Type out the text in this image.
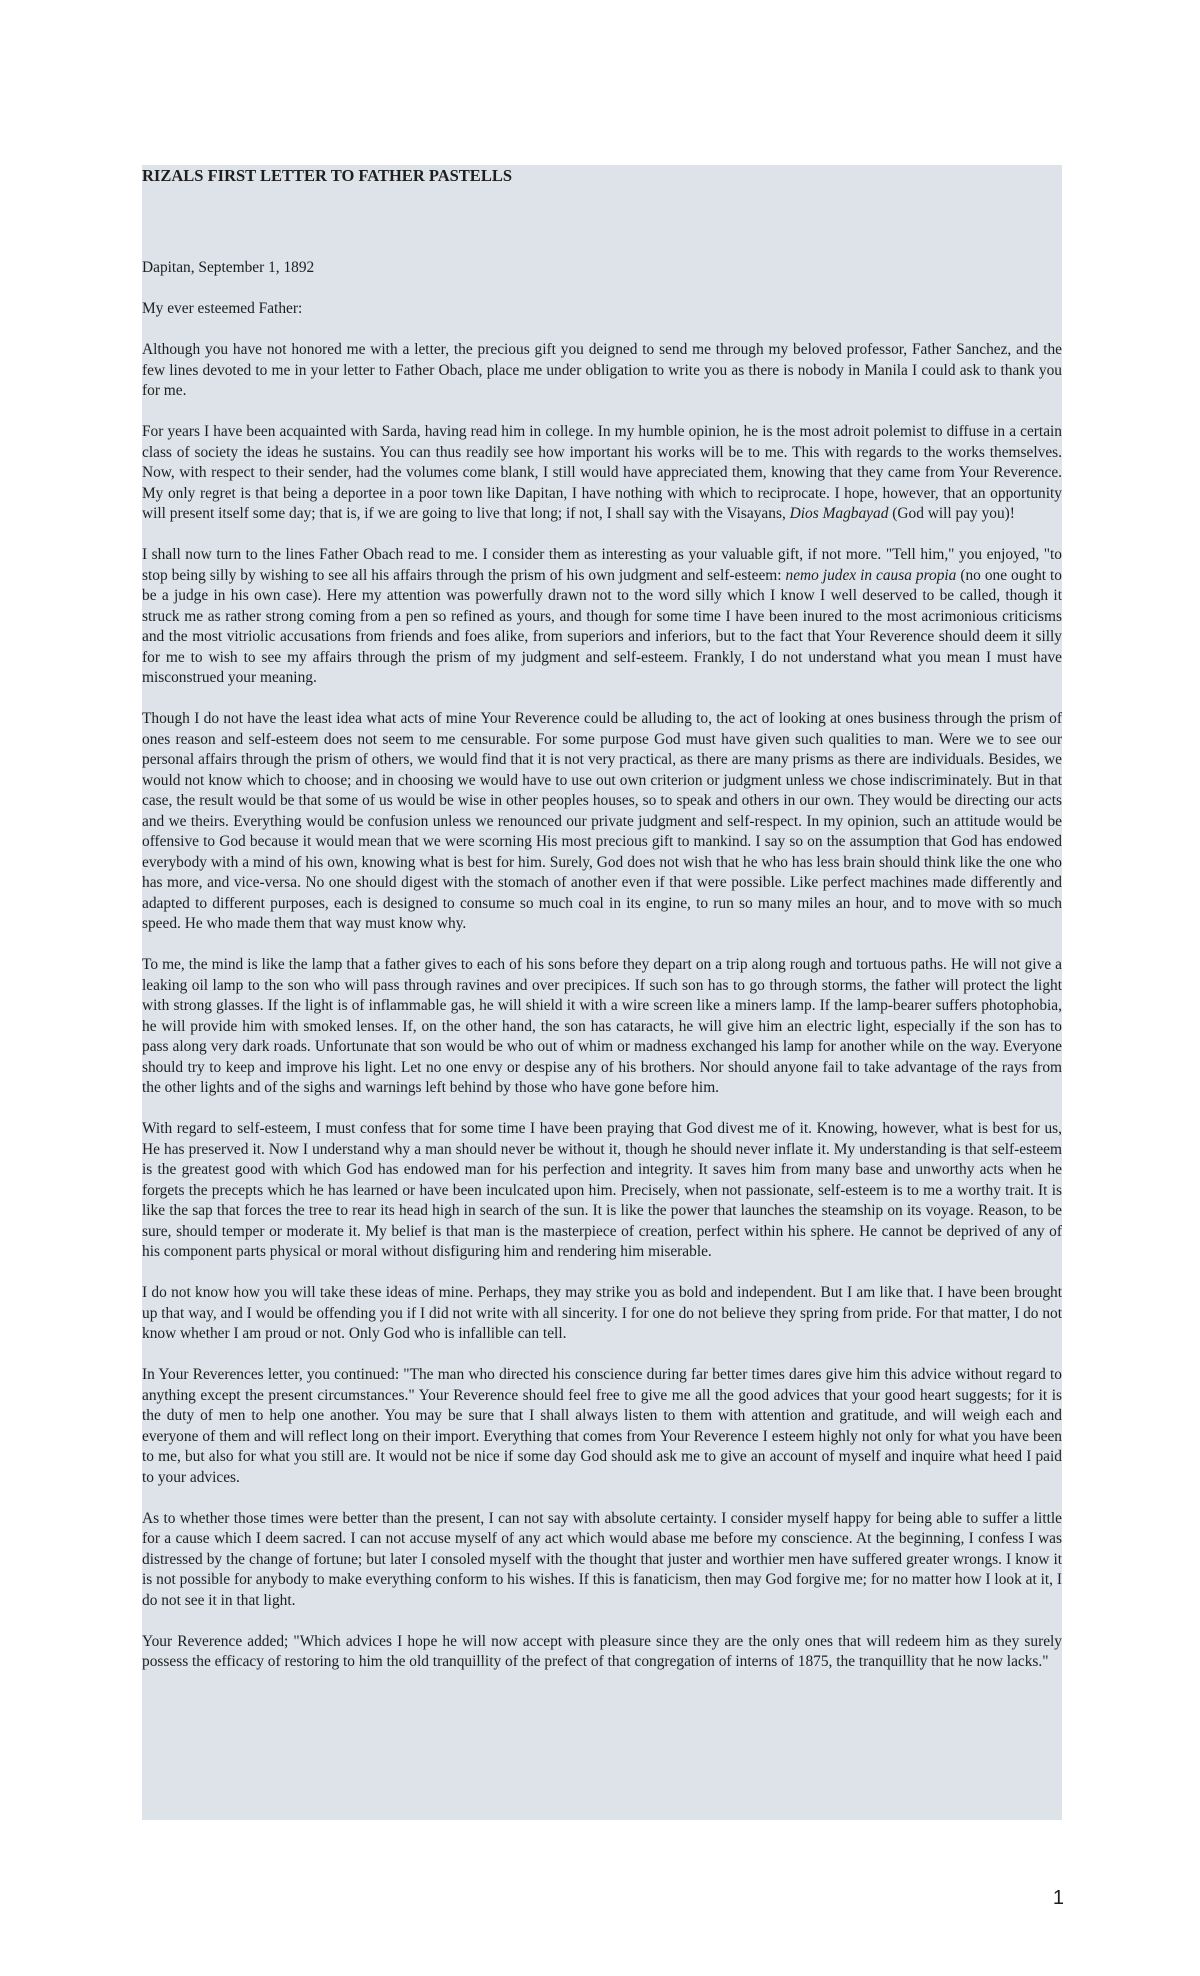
RIZALS FIRST LETTER TO FATHER PASTELLS

Dapitan, September 1, 1892

My ever esteemed Father:

Although you have not honored me with a letter, the precious gift you deigned to send me through my beloved professor, Father Sanchez, and the few lines devoted to me in your letter to Father Obach, place me under obligation to write you as there is nobody in Manila I could ask to thank you for me.

For years I have been acquainted with Sarda, having read him in college. In my humble opinion, he is the most adroit polemist to diffuse in a certain class of society the ideas he sustains. You can thus readily see how important his works will be to me. This with regards to the works themselves. Now, with respect to their sender, had the volumes come blank, I still would have appreciated them, knowing that they came from Your Reverence. My only regret is that being a deportee in a poor town like Dapitan, I have nothing with which to reciprocate. I hope, however, that an opportunity will present itself some day; that is, if we are going to live that long; if not, I shall say with the Visayans, Dios Magbayad (God will pay you)!

I shall now turn to the lines Father Obach read to me. I consider them as interesting as your valuable gift, if not more. "Tell him," you enjoyed, "to stop being silly by wishing to see all his affairs through the prism of his own judgment and self-esteem: nemo judex in causa propia (no one ought to be a judge in his own case). Here my attention was powerfully drawn not to the word silly which I know I well deserved to be called, though it struck me as rather strong coming from a pen so refined as yours, and though for some time I have been inured to the most acrimonious criticisms and the most vitriolic accusations from friends and foes alike, from superiors and inferiors, but to the fact that Your Reverence should deem it silly for me to wish to see my affairs through the prism of my judgment and self-esteem. Frankly, I do not understand what you mean I must have misconstrued your meaning.

Though I do not have the least idea what acts of mine Your Reverence could be alluding to, the act of looking at ones business through the prism of ones reason and self-esteem does not seem to me censurable. For some purpose God must have given such qualities to man. Were we to see our personal affairs through the prism of others, we would find that it is not very practical, as there are many prisms as there are individuals. Besides, we would not know which to choose; and in choosing we would have to use out own criterion or judgment unless we chose indiscriminately. But in that case, the result would be that some of us would be wise in other peoples houses, so to speak and others in our own. They would be directing our acts and we theirs. Everything would be confusion unless we renounced our private judgment and self-respect. In my opinion, such an attitude would be offensive to God because it would mean that we were scorning His most precious gift to mankind. I say so on the assumption that God has endowed everybody with a mind of his own, knowing what is best for him. Surely, God does not wish that he who has less brain should think like the one who has more, and vice-versa. No one should digest with the stomach of another even if that were possible. Like perfect machines made differently and adapted to different purposes, each is designed to consume so much coal in its engine, to run so many miles an hour, and to move with so much speed. He who made them that way must know why.

To me, the mind is like the lamp that a father gives to each of his sons before they depart on a trip along rough and tortuous paths. He will not give a leaking oil lamp to the son who will pass through ravines and over precipices. If such son has to go through storms, the father will protect the light with strong glasses. If the light is of inflammable gas, he will shield it with a wire screen like a miners lamp. If the lamp-bearer suffers photophobia, he will provide him with smoked lenses. If, on the other hand, the son has cataracts, he will give him an electric light, especially if the son has to pass along very dark roads. Unfortunate that son would be who out of whim or madness exchanged his lamp for another while on the way. Everyone should try to keep and improve his light. Let no one envy or despise any of his brothers. Nor should anyone fail to take advantage of the rays from the other lights and of the sighs and warnings left behind by those who have gone before him.

With regard to self-esteem, I must confess that for some time I have been praying that God divest me of it. Knowing, however, what is best for us, He has preserved it. Now I understand why a man should never be without it, though he should never inflate it. My understanding is that self-esteem is the greatest good with which God has endowed man for his perfection and integrity. It saves him from many base and unworthy acts when he forgets the precepts which he has learned or have been inculcated upon him. Precisely, when not passionate, self-esteem is to me a worthy trait. It is like the sap that forces the tree to rear its head high in search of the sun. It is like the power that launches the steamship on its voyage. Reason, to be sure, should temper or moderate it. My belief is that man is the masterpiece of creation, perfect within his sphere. He cannot be deprived of any of his component parts physical or moral without disfiguring him and rendering him miserable.

I do not know how you will take these ideas of mine. Perhaps, they may strike you as bold and independent. But I am like that. I have been brought up that way, and I would be offending you if I did not write with all sincerity. I for one do not believe they spring from pride. For that matter, I do not know whether I am proud or not. Only God who is infallible can tell.

In Your Reverences letter, you continued: "The man who directed his conscience during far better times dares give him this advice without regard to anything except the present circumstances." Your Reverence should feel free to give me all the good advices that your good heart suggests; for it is the duty of men to help one another. You may be sure that I shall always listen to them with attention and gratitude, and will weigh each and everyone of them and will reflect long on their import. Everything that comes from Your Reverence I esteem highly not only for what you have been to me, but also for what you still are. It would not be nice if some day God should ask me to give an account of myself and inquire what heed I paid to your advices.

As to whether those times were better than the present, I can not say with absolute certainty. I consider myself happy for being able to suffer a little for a cause which I deem sacred. I can not accuse myself of any act which would abase me before my conscience. At the beginning, I confess I was distressed by the change of fortune; but later I consoled myself with the thought that juster and worthier men have suffered greater wrongs. I know it is not possible for anybody to make everything conform to his wishes. If this is fanaticism, then may God forgive me; for no matter how I look at it, I do not see it in that light.

Your Reverence added; "Which advices I hope he will now accept with pleasure since they are the only ones that will redeem him as they surely possess the efficacy of restoring to him the old tranquillity of the prefect of that congregation of interns of 1875, the tranquillity that he now lacks."

1
